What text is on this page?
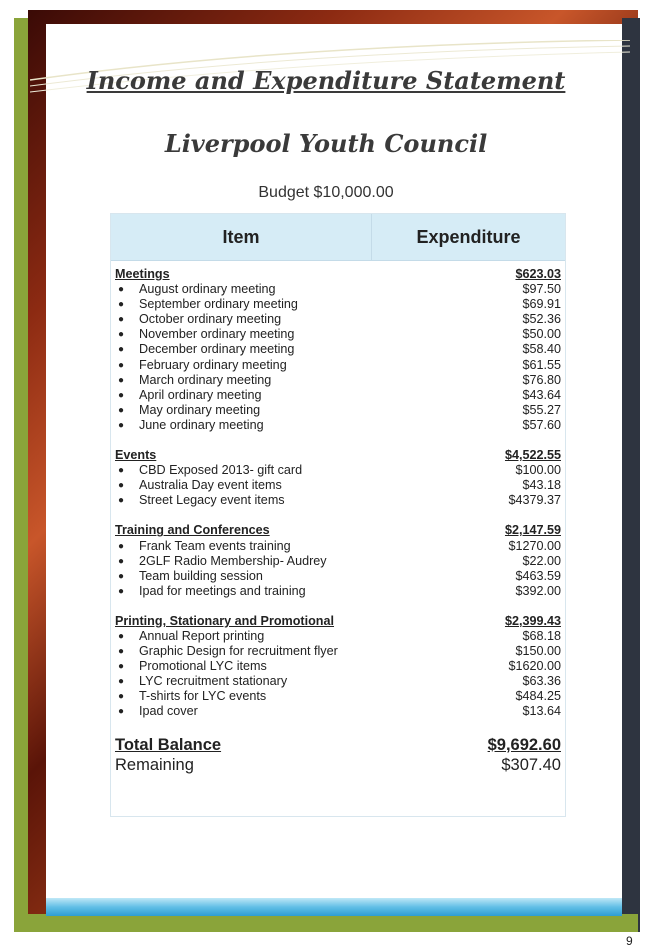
Income and Expenditure Statement
Liverpool Youth Council
Budget $10,000.00
Item	Expenditure
Meetings	$623.03
●	August ordinary meeting	$97.50
●	September ordinary meeting	$69.91
●	October ordinary meeting	$52.36
●	November ordinary meeting	$50.00
●	December ordinary meeting	$58.40
●	February ordinary meeting	$61.55
●	March ordinary meeting	$76.80
●	April ordinary meeting	$43.64
●	May ordinary meeting	$55.27
●	June ordinary meeting	$57.60
Events	$4,522.55
●	CBD Exposed 2013- gift card	$100.00
●	Australia Day event items	$43.18
●	Street Legacy event items	$4379.37
Training and Conferences	$2,147.59
●	Frank Team events training	$1270.00
●	2GLF Radio Membership- Audrey	$22.00
●	Team building session	$463.59
●	Ipad for meetings and training	$392.00
Printing, Stationary and Promotional	$2,399.43
●	Annual Report printing	$68.18
●	Graphic Design for recruitment flyer	$150.00
●	Promotional LYC items	$1620.00
●	LYC recruitment stationary	$63.36
●	T-shirts for LYC events	$484.25
●	Ipad cover	$13.64
Total Balance	$9,692.60
Remaining	$307.40
9
